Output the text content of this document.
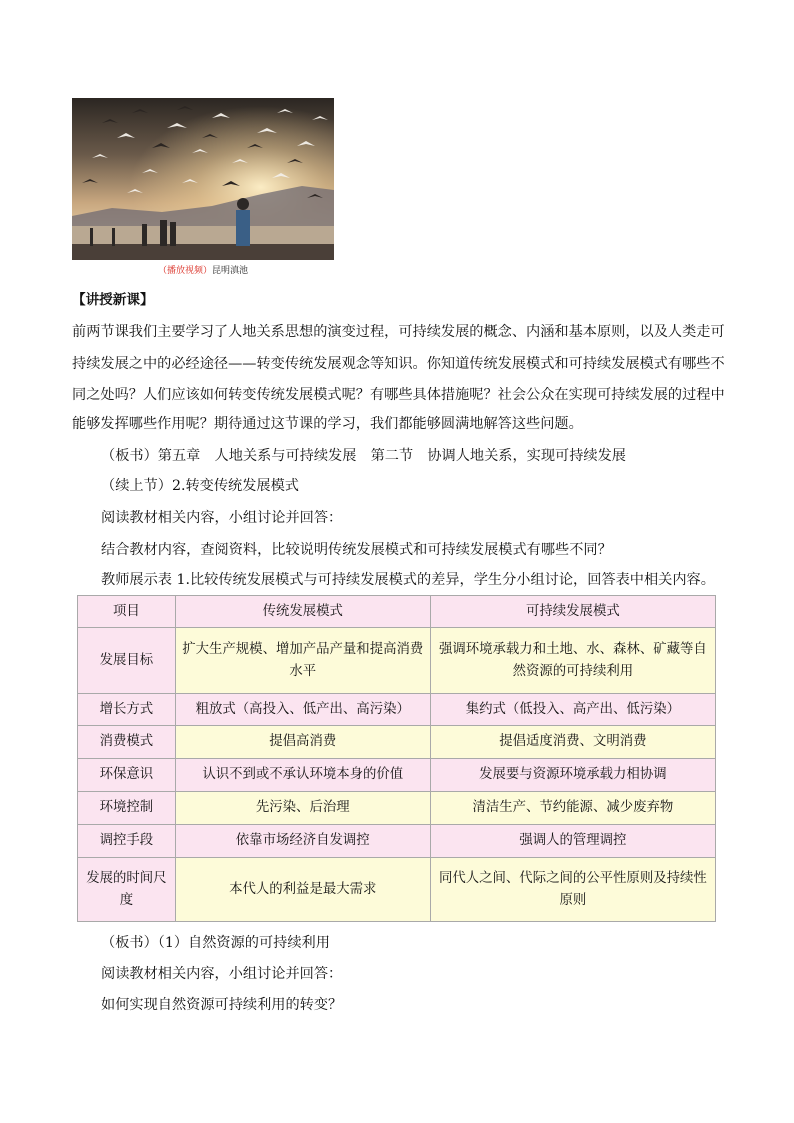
（播放视频）昆明滇池
【讲授新课】
前两节课我们主要学习了人地关系思想的演变过程，可持续发展的概念、内涵和基本原则，以及人类走可
持续发展之中的必经途径——转变传统发展观念等知识。你知道传统发展模式和可持续发展模式有哪些不
同之处吗？人们应该如何转变传统发展模式呢？有哪些具体措施呢？社会公众在实现可持续发展的过程中
能够发挥哪些作用呢？期待通过这节课的学习，我们都能够圆满地解答这些问题。
（板书）第五章　人地关系与可持续发展　第二节　协调人地关系，实现可持续发展
（续上节）2.转变传统发展模式
阅读教材相关内容，小组讨论并回答：
结合教材内容，查阅资料，比较说明传统发展模式和可持续发展模式有哪些不同？
教师展示表 1.比较传统发展模式与可持续发展模式的差异，学生分小组讨论，回答表中相关内容。
项目	传统发展模式	可持续发展模式
发展目标	扩大生产规模、增加产品产量和提高消费水平	强调环境承载力和土地、水、森林、矿藏等自然资源的可持续利用
增长方式	粗放式（高投入、低产出、高污染）	集约式（低投入、高产出、低污染）
消费模式	提倡高消费	提倡适度消费、文明消费
环保意识	认识不到或不承认环境本身的价值	发展要与资源环境承载力相协调
环境控制	先污染、后治理	清洁生产、节约能源、减少废弃物
调控手段	依靠市场经济自发调控	强调人的管理调控
发展的时间尺度	本代人的利益是最大需求	同代人之间、代际之间的公平性原则及持续性原则
（板书）（1）自然资源的可持续利用
阅读教材相关内容，小组讨论并回答：
如何实现自然资源可持续利用的转变？
